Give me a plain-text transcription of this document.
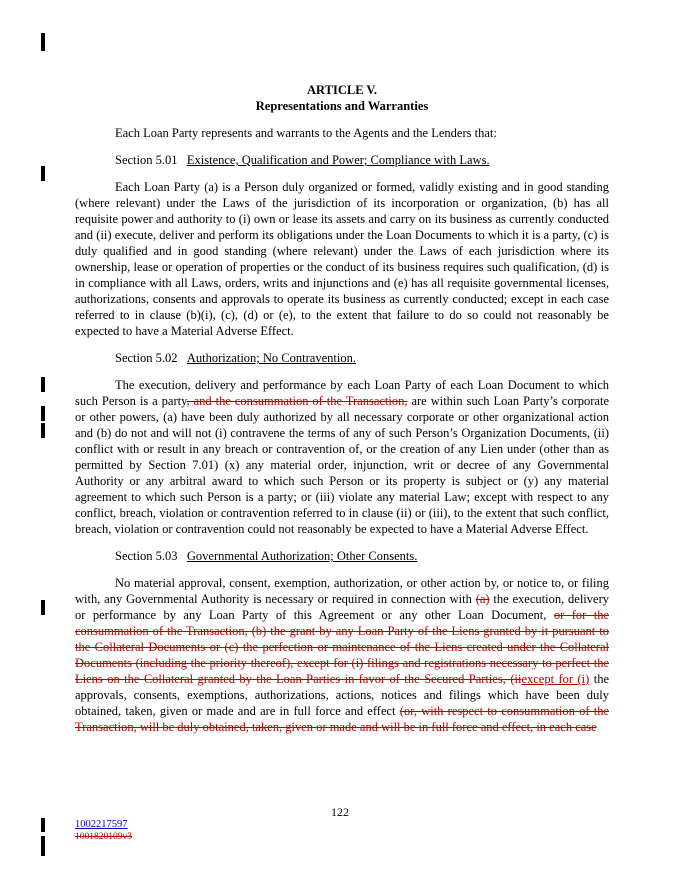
ARTICLE V.
Representations and Warranties

Each Loan Party represents and warrants to the Agents and the Lenders that:

Section 5.01 Existence, Qualification and Power; Compliance with Laws.

Each Loan Party (a) is a Person duly organized or formed, validly existing and in good standing (where relevant) under the Laws of the jurisdiction of its incorporation or organization, (b) has all requisite power and authority to (i) own or lease its assets and carry on its business as currently conducted and (ii) execute, deliver and perform its obligations under the Loan Documents to which it is a party, (c) is duly qualified and in good standing (where relevant) under the Laws of each jurisdiction where its ownership, lease or operation of properties or the conduct of its business requires such qualification, (d) is in compliance with all Laws, orders, writs and injunctions and (e) has all requisite governmental licenses, authorizations, consents and approvals to operate its business as currently conducted; except in each case referred to in clause (b)(i), (c), (d) or (e), to the extent that failure to do so could not reasonably be expected to have a Material Adverse Effect.

Section 5.02 Authorization; No Contravention.

The execution, delivery and performance by each Loan Party of each Loan Document to which such Person is a party, and the consummation of the Transaction, are within such Loan Party’s corporate or other powers, (a) have been duly authorized by all necessary corporate or other organizational action and (b) do not and will not (i) contravene the terms of any of such Person’s Organization Documents, (ii) conflict with or result in any breach or contravention of, or the creation of any Lien under (other than as permitted by Section 7.01) (x) any material order, injunction, writ or decree of any Governmental Authority or any arbitral award to which such Person or its property is subject or (y) any material agreement to which such Person is a party; or (iii) violate any material Law; except with respect to any conflict, breach, violation or contravention referred to in clause (ii) or (iii), to the extent that such conflict, breach, violation or contravention could not reasonably be expected to have a Material Adverse Effect.

Section 5.03 Governmental Authorization; Other Consents.

No material approval, consent, exemption, authorization, or other action by, or notice to, or filing with, any Governmental Authority is necessary or required in connection with (a) the execution, delivery or performance by any Loan Party of this Agreement or any other Loan Document, or for the consummation of the Transaction, (b) the grant by any Loan Party of the Liens granted by it pursuant to the Collateral Documents or (c) the perfection or maintenance of the Liens created under the Collateral Documents (including the priority thereof), except for (i) filings and registrations necessary to perfect the Liens on the Collateral granted by the Loan Parties in favor of the Secured Parties, (iiexcept for (i) the approvals, consents, exemptions, authorizations, actions, notices and filings which have been duly obtained, taken, given or made and are in full force and effect (or, with respect to consummation of the Transaction, will be duly obtained, taken, given or made and will be in full force and effect, in each case

122
1002217597
1001820109v3
